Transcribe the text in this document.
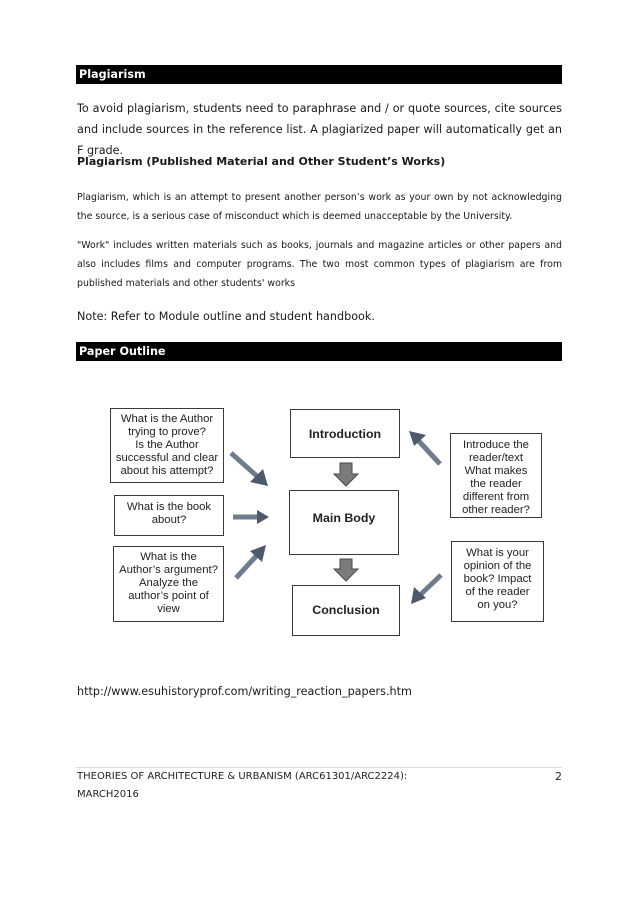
Plagiarism

To avoid plagiarism, students need to paraphrase and / or quote sources, cite sources and include sources in the reference list. A plagiarized paper will automatically get an F grade.

Plagiarism (Published Material and Other Student’s Works)

Plagiarism, which is an attempt to present another person’s work as your own by not acknowledging the source, is a serious case of misconduct which is deemed unacceptable by the University.

"Work" includes written materials such as books, journals and magazine articles or other papers and also includes films and computer programs. The two most common types of plagiarism are from published materials and other students' works

Note: Refer to Module outline and student handbook.

Paper Outline
What is the Author
trying to prove?
Is the Author
successful and clear
about his attempt?
What is the book
about?
What is the
Author’s argument?
Analyze the
author’s point of
view
Introduction
Main Body
Conclusion
Introduce the
reader/text
What makes
the reader
different from
other reader?
What is your
opinion of the
book? Impact
of the reader
on you?

http://www.esuhistoryprof.com/writing_reaction_papers.htm

THEORIES OF ARCHITECTURE & URBANISM (ARC61301/ARC2224):
MARCH2016
2
